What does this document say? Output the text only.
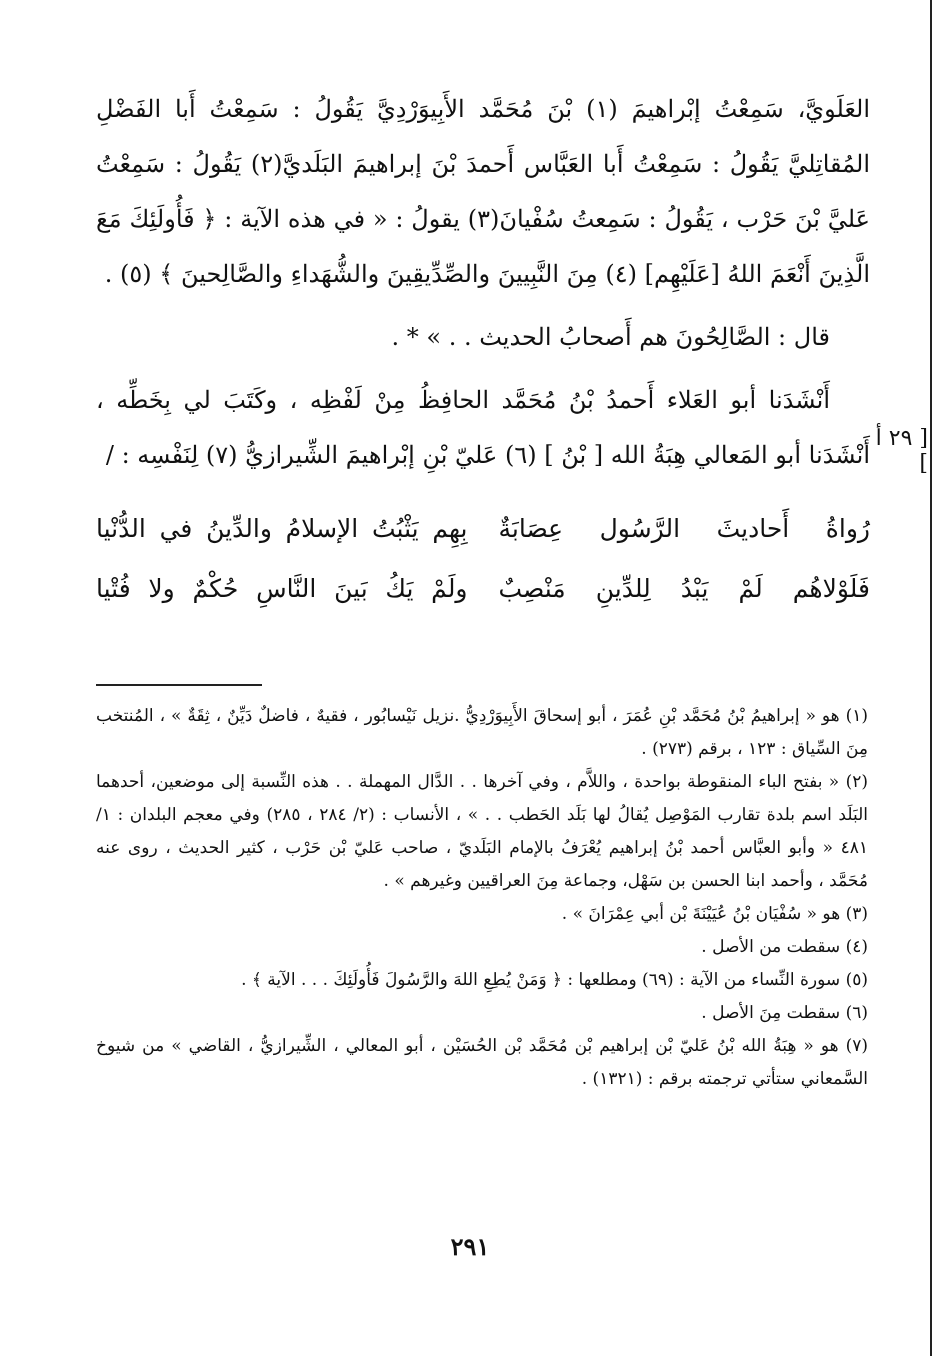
العَلَويَّ، سَمِعْتُ إبْراهيمَ (١) بْنَ مُحَمَّد الأَبِيوَرْدِيَّ يَقُولُ : سَمِعْتُ أَبا الفَضْلِ المُقاتِليَّ يَقُولُ : سَمِعْتُ أَبا العَبَّاس أَحمدَ بْنَ إبراهيمَ البَلَديَّ(٢) يَقُولُ : سَمِعْتُ عَليَّ بْنَ حَرْب ، يَقُولُ : سَمِعتُ سُفْيانَ(٣) يقولُ : « في هذه الآية : ﴿ فَأُولَئِكَ مَعَ الَّذِينَ أَنْعَمَ اللهُ [عَلَيْهِم] (٤) مِنَ النَّبِيينَ والصِّدِّيقِينَ والشُّهَداءِ والصَّالِحينَ ﴾ (٥) .

قال : الصَّالِحُونَ هم أَصحابُ الحديث . . » * .

أَنْشَدَنا أبو العَلاء أَحمدُ بْنُ مُحَمَّد الحافِظُ مِنْ لَفْظِه ، وكَتَبَ لي بِخَطِّه ، أَنْشَدَنا أبو المَعالي هِبَةُ الله [ بْنُ ] (٦) عَليّ بْنِ إبْراهيمَ الشِّيرازيُّ (٧) لِنَفْسِه : /

[ ٢٩ أ ]
رُواةُ أَحاديثَ الرَّسُول عِصَابَةٌ
بِهِم يَثْبُتُ الإسلامُ والدِّينُ في الدُّنْيا
فَلَوْلاهُم لَمْ يَبْدُ لِلدِّينِ مَنْصِبٌ
ولَمْ يَكُ بَينَ النَّاسِ حُكْمٌ ولا فُتْيا

(١) هو « إبراهيمُ بْنُ مُحَمَّد بْنِ عُمَرَ ، أبو إسحاقَ الأَبِيوَرْدِيُّ .نزيل نَيْسابُور ، فقيهٌ ، فاضلٌ دَيِّنٌ ، ثِقَةٌ » ، المُنتخب مِنَ السِّياق : ١٢٣ ، برقم (٢٧٣) .

(٢) « بفتح الباء المنقوطة بواحدة ، واللاَّم ، وفي آخرها . . الدَّال المهملة . . هذه النِّسبة إلى موضعين، أحدهما البَلَد اسم بلدة تقارب المَوْصِل يُقالُ لها بَلَد الحَطب . . » ، الأنساب : (٢/ ٢٨٤ ، ٢٨٥) وفي معجم البلدان : ١/ ٤٨١ « وأبو العبَّاس أحمد بْنُ إبراهيم يُعْرَفُ بالإمام البَلَديّ ، صاحب عَليّ بْن حَرْب ، كثير الحديث ، روى عنه مُحَمَّد ، وأحمد ابنا الحسن بن سَهْل، وجماعة مِنَ العراقيين وغيرهم » .

(٣) هو « سُفْيَان بْنُ عُيَيْنَةَ بْن أبي عِمْرَانَ » .

(٤) سقطت من الأصل .

(٥) سورة النِّساء من الآية : (٦٩) ومطلعها : ﴿ وَمَنْ يُطِعِ اللهَ والرَّسُولَ فَأُولَئِكَ . . . الآية ﴾ .

(٦) سقطت مِنَ الأصل .

(٧) هو « هِبَةُ الله بْنُ عَليّ بْن إبراهيم بْن مُحَمَّد بْن الحُسَيْن ، أبو المعالي ، الشِّيرازيُّ ، القاضي » من شيوخ السَّمعاني ستأتي ترجمته برقم : (١٣٢١) .

٢٩١
